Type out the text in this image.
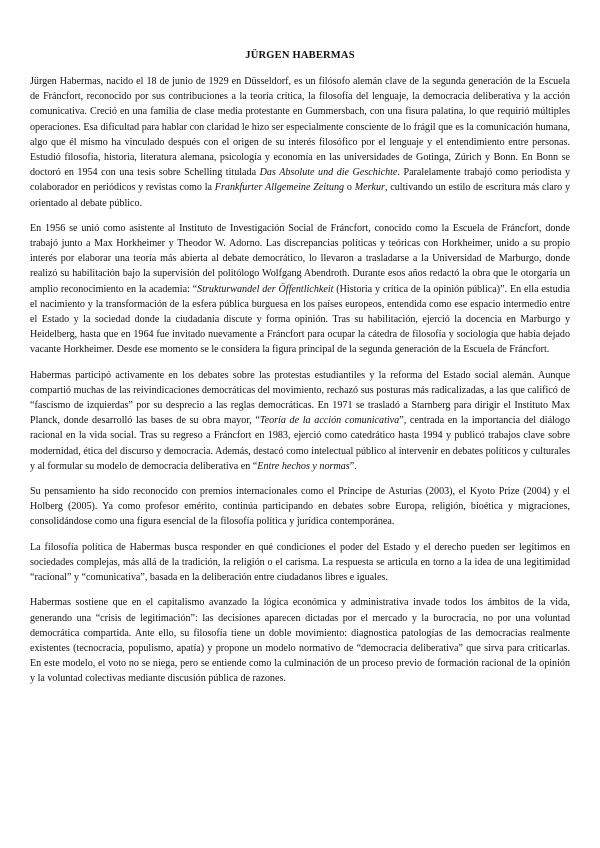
JÜRGEN HABERMAS

Jürgen Habermas, nacido el 18 de junio de 1929 en Düsseldorf, es un filósofo alemán clave de la segunda generación de la Escuela de Fráncfort, reconocido por sus contribuciones a la teoría crítica, la filosofía del lenguaje, la democracia deliberativa y la acción comunicativa. Creció en una familia de clase media protestante en Gummersbach, con una fisura palatina, lo que requirió múltiples operaciones. Esa dificultad para hablar con claridad le hizo ser especialmente consciente de lo frágil que es la comunicación humana, algo que él mismo ha vinculado después con el origen de su interés filosófico por el lenguaje y el entendimiento entre personas. Estudió filosofía, historia, literatura alemana, psicología y economía en las universidades de Gotinga, Zúrich y Bonn. En Bonn se doctoró en 1954 con una tesis sobre Schelling titulada Das Absolute und die Geschichte. Paralelamente trabajó como periodista y colaborador en periódicos y revistas como la Frankfurter Allgemeine Zeitung o Merkur, cultivando un estilo de escritura más claro y orientado al debate público.

En 1956 se unió como asistente al Instituto de Investigación Social de Fráncfort, conocido como la Escuela de Fráncfort, donde trabajó junto a Max Horkheimer y Theodor W. Adorno. Las discrepancias políticas y teóricas con Horkheimer, unido a su propio interés por elaborar una teoría más abierta al debate democrático, lo llevaron a trasladarse a la Universidad de Marburgo, donde realizó su habilitación bajo la supervisión del politólogo Wolfgang Abendroth. Durante esos años redactó la obra que le otorgaría un amplio reconocimiento en la academia: “Strukturwandel der Öffentlichkeit (Historia y crítica de la opinión pública)”. En ella estudia el nacimiento y la transformación de la esfera pública burguesa en los países europeos, entendida como ese espacio intermedio entre el Estado y la sociedad donde la ciudadanía discute y forma opinión. Tras su habilitación, ejerció la docencia en Marburgo y Heidelberg, hasta que en 1964 fue invitado nuevamente a Fráncfort para ocupar la cátedra de filosofía y sociología que había dejado vacante Horkheimer. Desde ese momento se le considera la figura principal de la segunda generación de la Escuela de Fráncfort.

Habermas participó activamente en los debates sobre las protestas estudiantiles y la reforma del Estado social alemán. Aunque compartió muchas de las reivindicaciones democráticas del movimiento, rechazó sus posturas más radicalizadas, a las que calificó de “fascismo de izquierdas” por su desprecio a las reglas democráticas. En 1971 se trasladó a Starnberg para dirigir el Instituto Max Planck, donde desarrolló las bases de su obra mayor, “Teoría de la acción comunicativa”, centrada en la importancia del diálogo racional en la vida social. Tras su regreso a Fráncfort en 1983, ejerció como catedrático hasta 1994 y publicó trabajos clave sobre modernidad, ética del discurso y democracia. Además, destacó como intelectual público al intervenir en debates políticos y culturales y al formular su modelo de democracia deliberativa en “Entre hechos y normas”.

Su pensamiento ha sido reconocido con premios internacionales como el Príncipe de Asturias (2003), el Kyoto Prize (2004) y el Holberg (2005). Ya como profesor emérito, continúa participando en debates sobre Europa, religión, bioética y migraciones, consolidándose como una figura esencial de la filosofía política y jurídica contemporánea.

La filosofía política de Habermas busca responder en qué condiciones el poder del Estado y el derecho pueden ser legítimos en sociedades complejas, más allá de la tradición, la religión o el carisma. La respuesta se articula en torno a la idea de una legitimidad “racional” y “comunicativa”, basada en la deliberación entre ciudadanos libres e iguales.

Habermas sostiene que en el capitalismo avanzado la lógica económica y administrativa invade todos los ámbitos de la vida, generando una “crisis de legitimación”: las decisiones aparecen dictadas por el mercado y la burocracia, no por una voluntad democrática compartida. Ante ello, su filosofía tiene un doble movimiento: diagnostica patologías de las democracias realmente existentes (tecnocracia, populismo, apatía) y propone un modelo normativo de “democracia deliberativa” que sirva para criticarlas. En este modelo, el voto no se niega, pero se entiende como la culminación de un proceso previo de formación racional de la opinión y la voluntad colectivas mediante discusión pública de razones.
